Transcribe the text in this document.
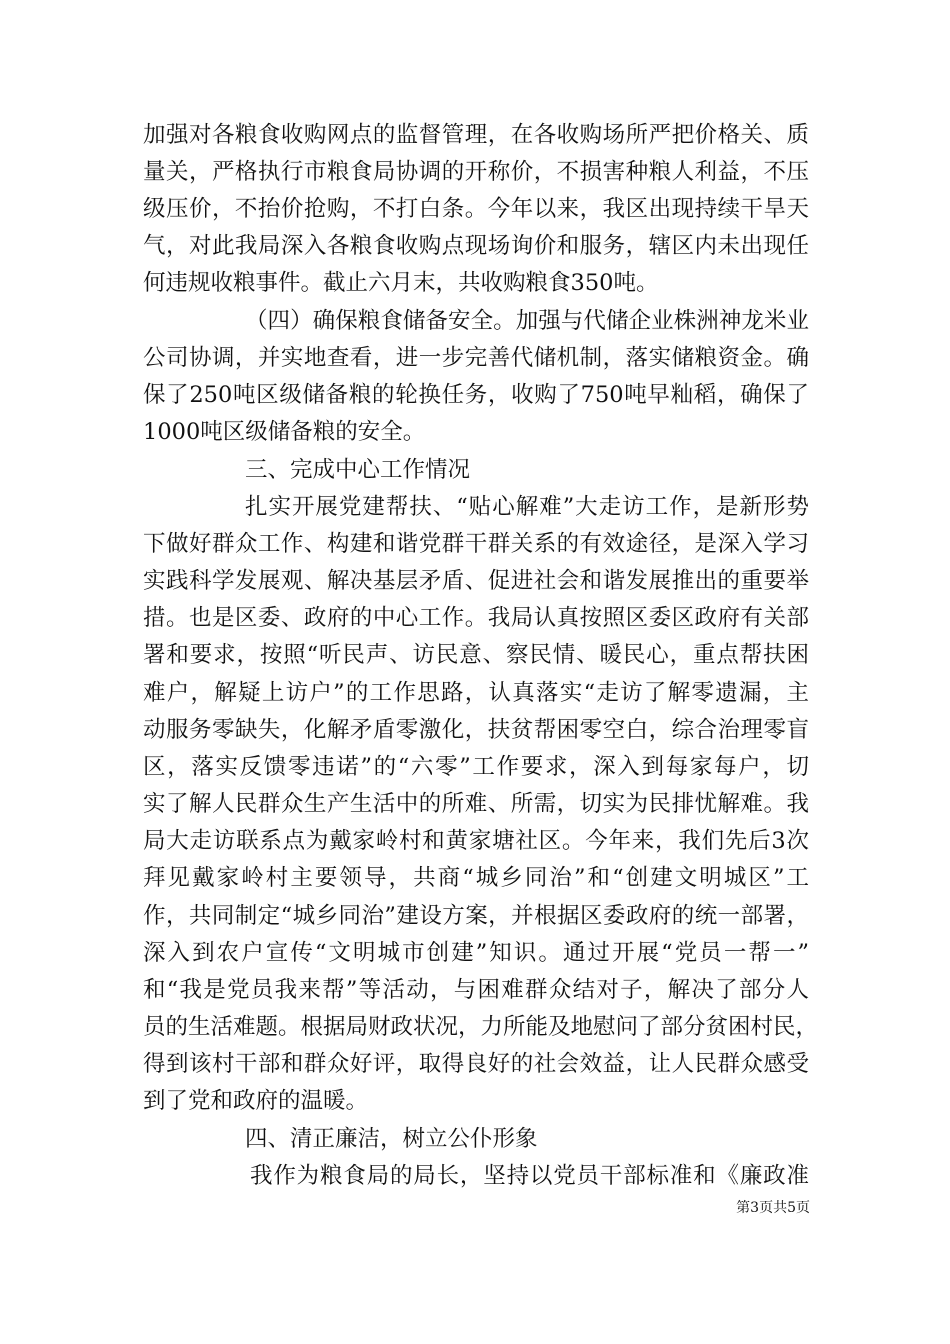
加强对各粮食收购网点的监督管理，在各收购场所严把价格关、质
量关，严格执行市粮食局协调的开称价，不损害种粮人利益，不压
级压价，不抬价抢购，不打白条。今年以来，我区出现持续干旱天
气，对此我局深入各粮食收购点现场询价和服务，辖区内未出现任
何违规收粮事件。截止六月末，共收购粮食350吨。
（四）确保粮食储备安全。加强与代储企业株洲神龙米业
公司协调，并实地查看，进一步完善代储机制，落实储粮资金。确
保了250吨区级储备粮的轮换任务，收购了750吨早籼稻，确保了
1000吨区级储备粮的安全。
三、完成中心工作情况
扎实开展党建帮扶、“贴心解难”大走访工作，是新形势
下做好群众工作、构建和谐党群干群关系的有效途径，是深入学习
实践科学发展观、解决基层矛盾、促进社会和谐发展推出的重要举
措。也是区委、政府的中心工作。我局认真按照区委区政府有关部
署和要求，按照“听民声、访民意、察民情、暖民心，重点帮扶困
难户，解疑上访户”的工作思路，认真落实“走访了解零遗漏，主
动服务零缺失，化解矛盾零激化，扶贫帮困零空白，综合治理零盲
区，落实反馈零违诺”的“六零”工作要求，深入到每家每户，切
实了解人民群众生产生活中的所难、所需，切实为民排忧解难。我
局大走访联系点为戴家岭村和黄家塘社区。今年来，我们先后3次
拜见戴家岭村主要领导，共商“城乡同治”和“创建文明城区”工
作，共同制定“城乡同治”建设方案，并根据区委政府的统一部署，
深入到农户宣传“文明城市创建”知识。通过开展“党员一帮一”
和“我是党员我来帮”等活动，与困难群众结对子，解决了部分人
员的生活难题。根据局财政状况，力所能及地慰问了部分贫困村民，
得到该村干部和群众好评，取得良好的社会效益，让人民群众感受
到了党和政府的温暖。
四、清正廉洁，树立公仆形象
我作为粮食局的局长，坚持以党员干部标准和《廉政准
第3页共5页
